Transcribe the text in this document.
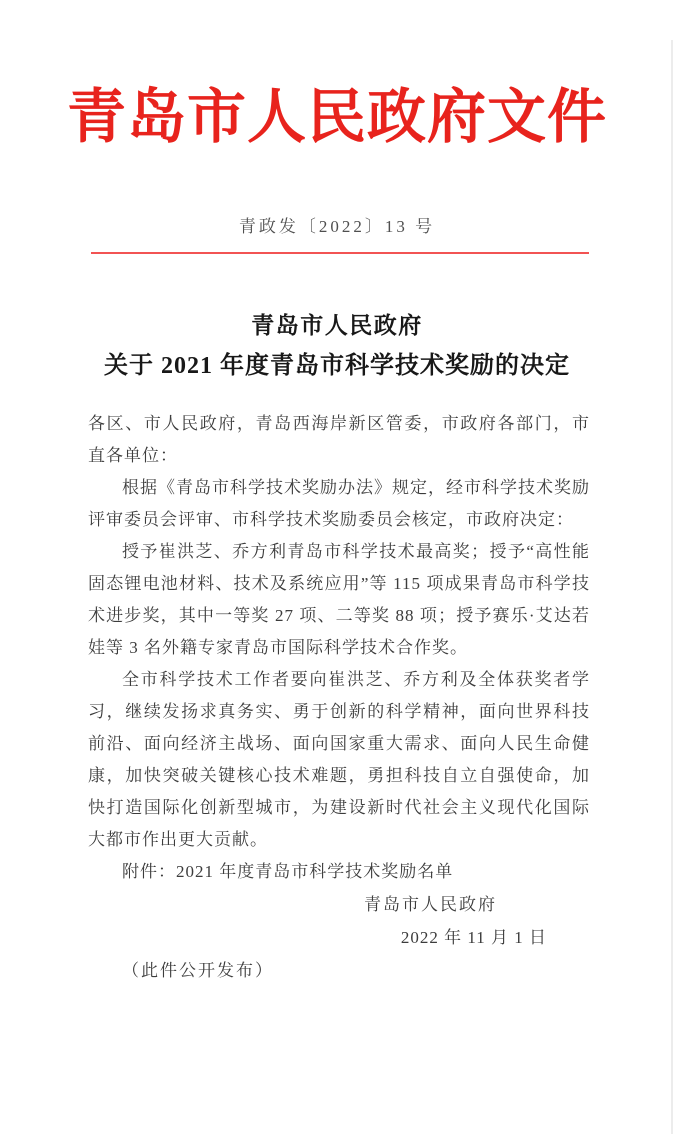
青岛市人民政府文件
青政发〔2022〕13 号
青岛市人民政府
关于 2021 年度青岛市科学技术奖励的决定

各区、市人民政府，青岛西海岸新区管委，市政府各部门，市直各单位：

根据《青岛市科学技术奖励办法》规定，经市科学技术奖励评审委员会评审、市科学技术奖励委员会核定，市政府决定：

授予崔洪芝、乔方利青岛市科学技术最高奖；授予“高性能固态锂电池材料、技术及系统应用”等 115 项成果青岛市科学技术进步奖，其中一等奖 27 项、二等奖 88 项；授予赛乐·艾达若娃等 3 名外籍专家青岛市国际科学技术合作奖。

全市科学技术工作者要向崔洪芝、乔方利及全体获奖者学习，继续发扬求真务实、勇于创新的科学精神，面向世界科技前沿、面向经济主战场、面向国家重大需求、面向人民生命健康，加快突破关键核心技术难题，勇担科技自立自强使命，加快打造国际化创新型城市，为建设新时代社会主义现代化国际大都市作出更大贡献。

附件：2021 年度青岛市科学技术奖励名单

青岛市人民政府

2022 年 11 月 1 日

（此件公开发布）
